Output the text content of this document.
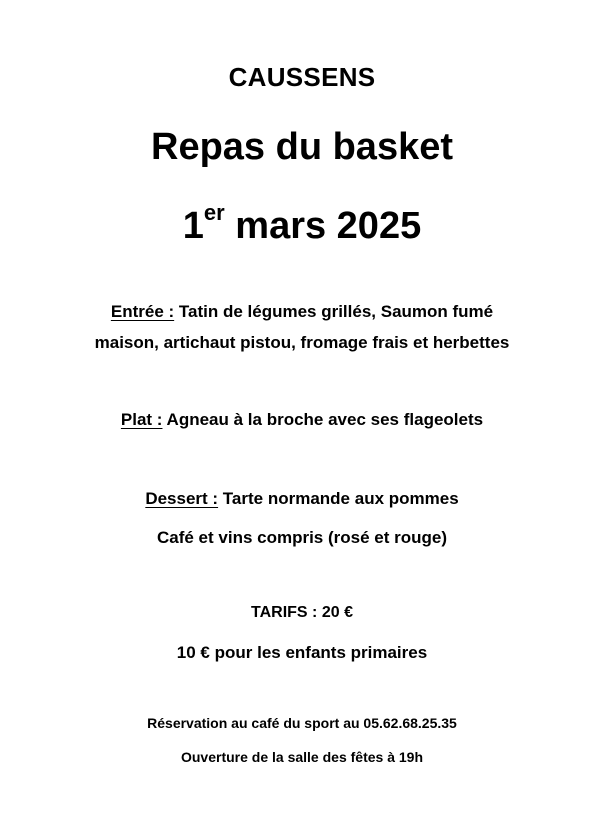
CAUSSENS
Repas du basket
1er mars 2025
Entrée : Tatin de légumes grillés, Saumon fumé
maison, artichaut pistou, fromage frais et herbettes
Plat : Agneau à la broche avec ses flageolets
Dessert : Tarte normande aux pommes
Café et vins compris (rosé et rouge)
TARIFS : 20 €
10 € pour les enfants primaires
Réservation au café du sport au 05.62.68.25.35
Ouverture de la salle des fêtes à 19h
